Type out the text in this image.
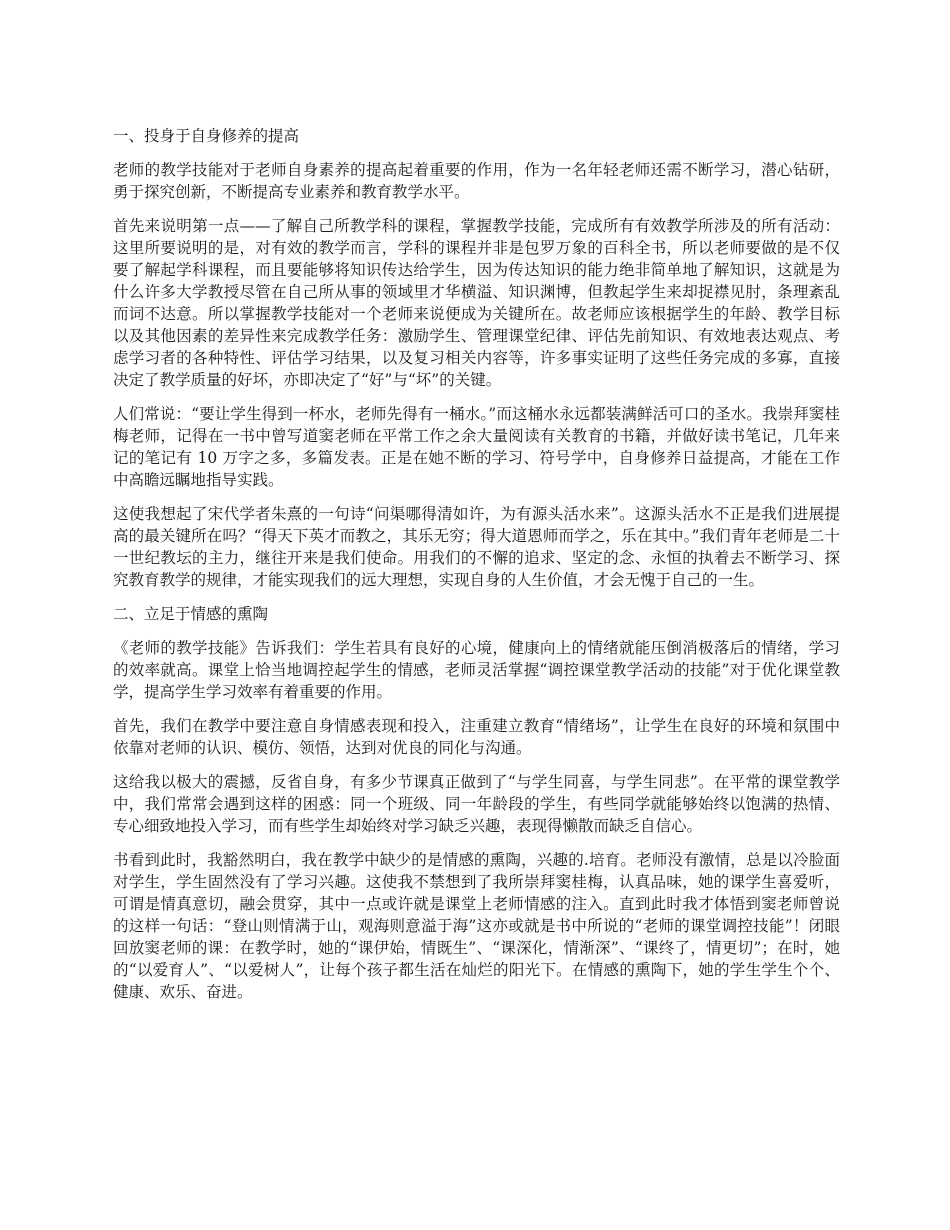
一、投身于自身修养的提高

老师的教学技能对于老师自身素养的提高起着重要的作用，作为一名年轻老师还需不断学习，潜心钻研，勇于探究创新，不断提高专业素养和教育教学水平。

首先来说明第一点——了解自己所教学科的课程，掌握教学技能，完成所有有效教学所涉及的所有活动：这里所要说明的是，对有效的教学而言，学科的课程并非是包罗万象的百科全书，所以老师要做的是不仅要了解起学科课程，而且要能够将知识传达给学生，因为传达知识的能力绝非简单地了解知识，这就是为什么许多大学教授尽管在自己所从事的领域里才华横溢、知识渊博，但教起学生来却捉襟见肘，条理紊乱而词不达意。所以掌握教学技能对一个老师来说便成为关键所在。故老师应该根据学生的年龄、教学目标以及其他因素的差异性来完成教学任务：激励学生、管理课堂纪律、评估先前知识、有效地表达观点、考虑学习者的各种特性、评估学习结果，以及复习相关内容等，许多事实证明了这些任务完成的多寡，直接决定了教学质量的好坏，亦即决定了“好”与“坏”的关键。

人们常说：“要让学生得到一杯水，老师先得有一桶水。”而这桶水永远都装满鲜活可口的圣水。我崇拜窦桂梅老师，记得在一书中曾写道窦老师在平常工作之余大量阅读有关教育的书籍，并做好读书笔记，几年来记的笔记有 10 万字之多，多篇发表。正是在她不断的学习、符号学中，自身修养日益提高，才能在工作中高瞻远瞩地指导实践。

这使我想起了宋代学者朱熹的一句诗“问渠哪得清如许，为有源头活水来”。这源头活水不正是我们进展提高的最关键所在吗？“得天下英才而教之，其乐无穷；得大道恩师而学之，乐在其中。”我们青年老师是二十一世纪教坛的主力，继往开来是我们使命。用我们的不懈的追求、坚定的念、永恒的执着去不断学习、探究教育教学的规律，才能实现我们的远大理想，实现自身的人生价值，才会无愧于自己的一生。

二、立足于情感的熏陶

《老师的教学技能》告诉我们：学生若具有良好的心境，健康向上的情绪就能压倒消极落后的情绪，学习的效率就高。课堂上恰当地调控起学生的情感，老师灵活掌握“调控课堂教学活动的技能”对于优化课堂教学，提高学生学习效率有着重要的作用。

首先，我们在教学中要注意自身情感表现和投入，注重建立教育“情绪场”，让学生在良好的环境和氛围中依靠对老师的认识、模仿、领悟，达到对优良的同化与沟通。

这给我以极大的震撼，反省自身，有多少节课真正做到了“与学生同喜，与学生同悲”。在平常的课堂教学中，我们常常会遇到这样的困惑：同一个班级、同一年龄段的学生，有些同学就能够始终以饱满的热情、专心细致地投入学习，而有些学生却始终对学习缺乏兴趣，表现得懒散而缺乏自信心。

书看到此时，我豁然明白，我在教学中缺少的是情感的熏陶，兴趣的.培育。老师没有激情，总是以冷脸面对学生，学生固然没有了学习兴趣。这使我不禁想到了我所崇拜窦桂梅，认真品味，她的课学生喜爱听，可谓是情真意切，融会贯穿，其中一点或许就是课堂上老师情感的注入。直到此时我才体悟到窦老师曾说的这样一句话：“登山则情满于山，观海则意溢于海”这亦或就是书中所说的“老师的课堂调控技能”！闭眼回放窦老师的课：在教学时，她的“课伊始，情既生”、“课深化，情渐深”、“课终了，情更切”；在时，她的“以爱育人”、“以爱树人”，让每个孩子都生活在灿烂的阳光下。在情感的熏陶下，她的学生学生个个、健康、欢乐、奋进。
